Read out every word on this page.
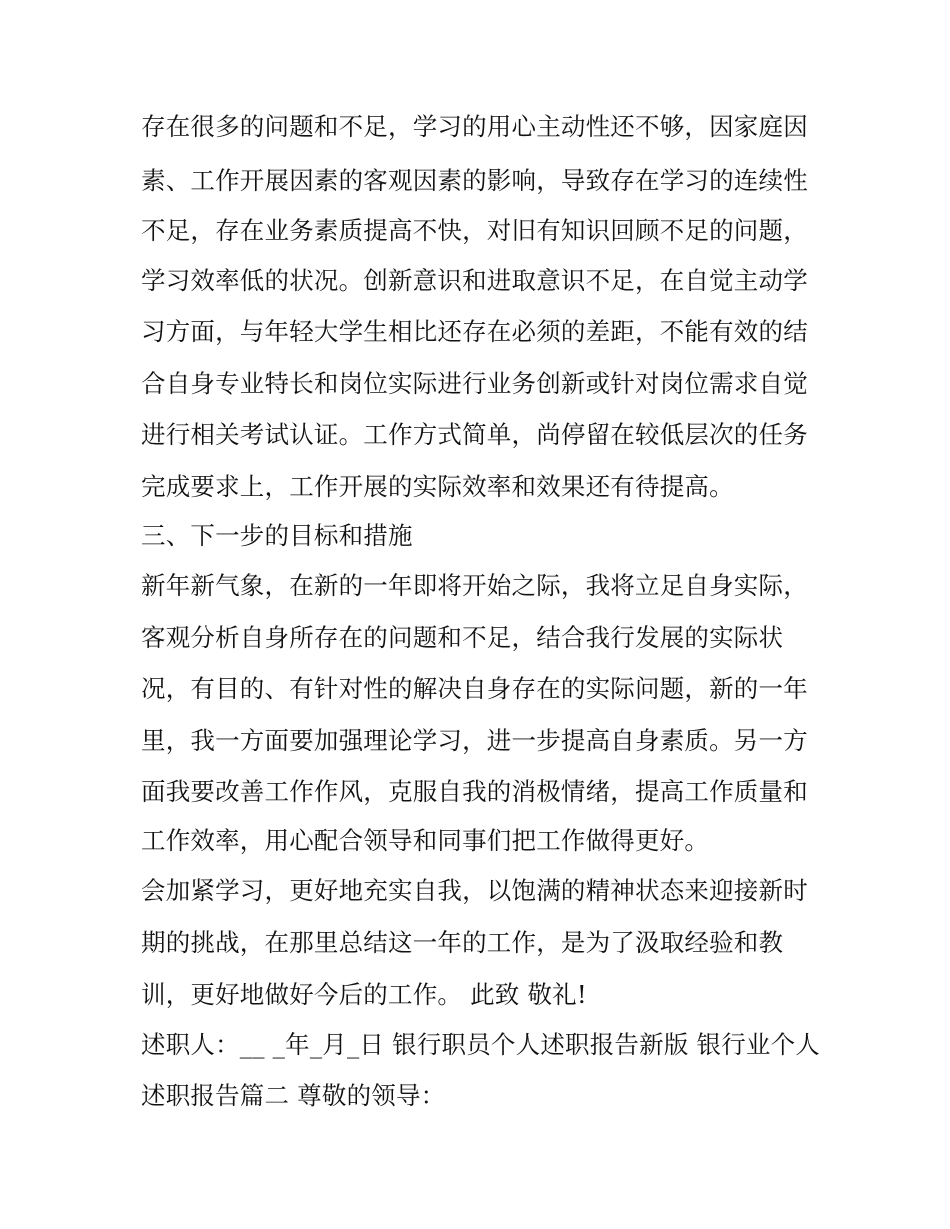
存在很多的问题和不足，学习的用心主动性还不够，因家庭因
素、工作开展因素的客观因素的影响，导致存在学习的连续性
不足，存在业务素质提高不快，对旧有知识回顾不足的问题，
学习效率低的状况。创新意识和进取意识不足，在自觉主动学
习方面，与年轻大学生相比还存在必须的差距，不能有效的结
合自身专业特长和岗位实际进行业务创新或针对岗位需求自觉
进行相关考试认证。工作方式简单，尚停留在较低层次的任务
完成要求上，工作开展的实际效率和效果还有待提高。
三、下一步的目标和措施
新年新气象，在新的一年即将开始之际，我将立足自身实际，
客观分析自身所存在的问题和不足，结合我行发展的实际状
况，有目的、有针对性的解决自身存在的实际问题，新的一年
里，我一方面要加强理论学习，进一步提高自身素质。另一方
面我要改善工作作风，克服自我的消极情绪，提高工作质量和
工作效率，用心配合领导和同事们把工作做得更好。
会加紧学习，更好地充实自我，以饱满的精神状态来迎接新时
期的挑战，在那里总结这一年的工作，是为了汲取经验和教
训，更好地做好今后的工作。 此致 敬礼!
述职人：__ _年_月_日 银行职员个人述职报告新版 银行业个人
述职报告篇二 尊敬的领导：
